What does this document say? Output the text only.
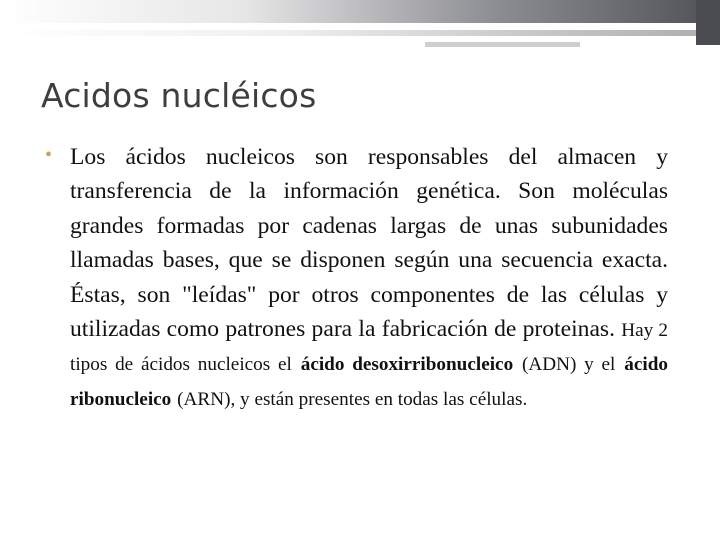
Acidos nucléicos
• Los ácidos nucleicos son responsables del almacen y transferencia de la información genética. Son moléculas grandes formadas por cadenas largas de unas subunidades llamadas bases, que se disponen según una secuencia exacta. Éstas, son "leídas" por otros componentes de las células y utilizadas como patrones para la fabricación de proteinas. Hay 2 tipos de ácidos nucleicos el ácido desoxirribonucleico (ADN) y el ácido ribonucleico (ARN), y están presentes en todas las células.
